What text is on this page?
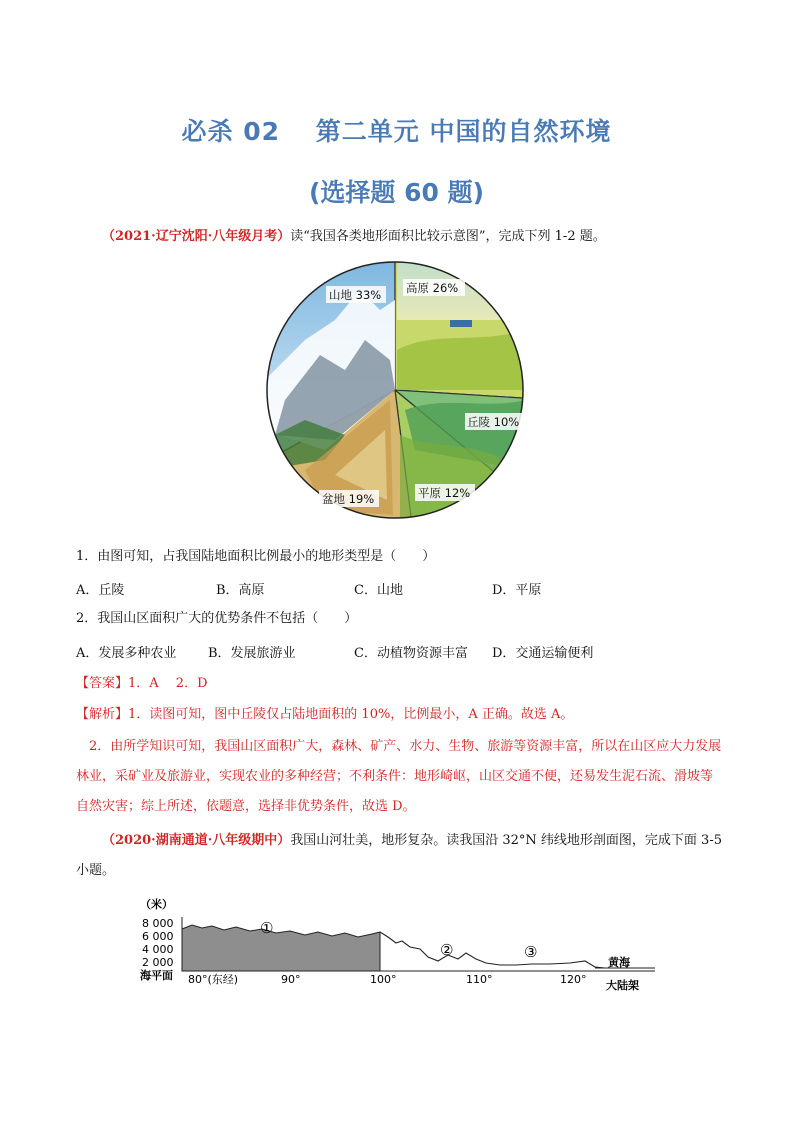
必杀 02　 第二单元 中国的自然环境
(选择题 60 题)
（2021·辽宁沈阳·八年级月考）读“我国各类地形面积比较示意图”，完成下列 1-2 题。
山地 33% 高原 26%
丘陵 10%
平原 12%
盆地 19%
1．由图可知，占我国陆地面积比例最小的地形类型是（　　）
A．丘陵	B．高原	C．山地	D．平原
2．我国山区面积广大的优势条件不包括（　　）
A．发展多种农业 B．发展旅游业	C．动植物资源丰富 D．交通运输便利
【答案】1．A　 2．D
【解析】1．读图可知，图中丘陵仅占陆地面积的 10%，比例最小，A 正确。故选 A。
2．由所学知识可知，我国山区面积广大，森林、矿产、水力、生物、旅游等资源丰富，所以在山区应大力发展林业，采矿业及旅游业，实现农业的多种经营；不利条件：地形崎岖，山区交通不便，还易发生泥石流、滑坡等自然灾害；综上所述，依题意，选择非优势条件，故选 D。
（2020·湖南通道·八年级期中）我国山河壮美，地形复杂。读我国沿 32°N 纬线地形剖面图，完成下面 3-5 小题。
（米）
8 000
6 000
4 000
2 000
海平面
①
②	③
黄海
大陆架
80°(东经)	90°	100°	110°	120°
